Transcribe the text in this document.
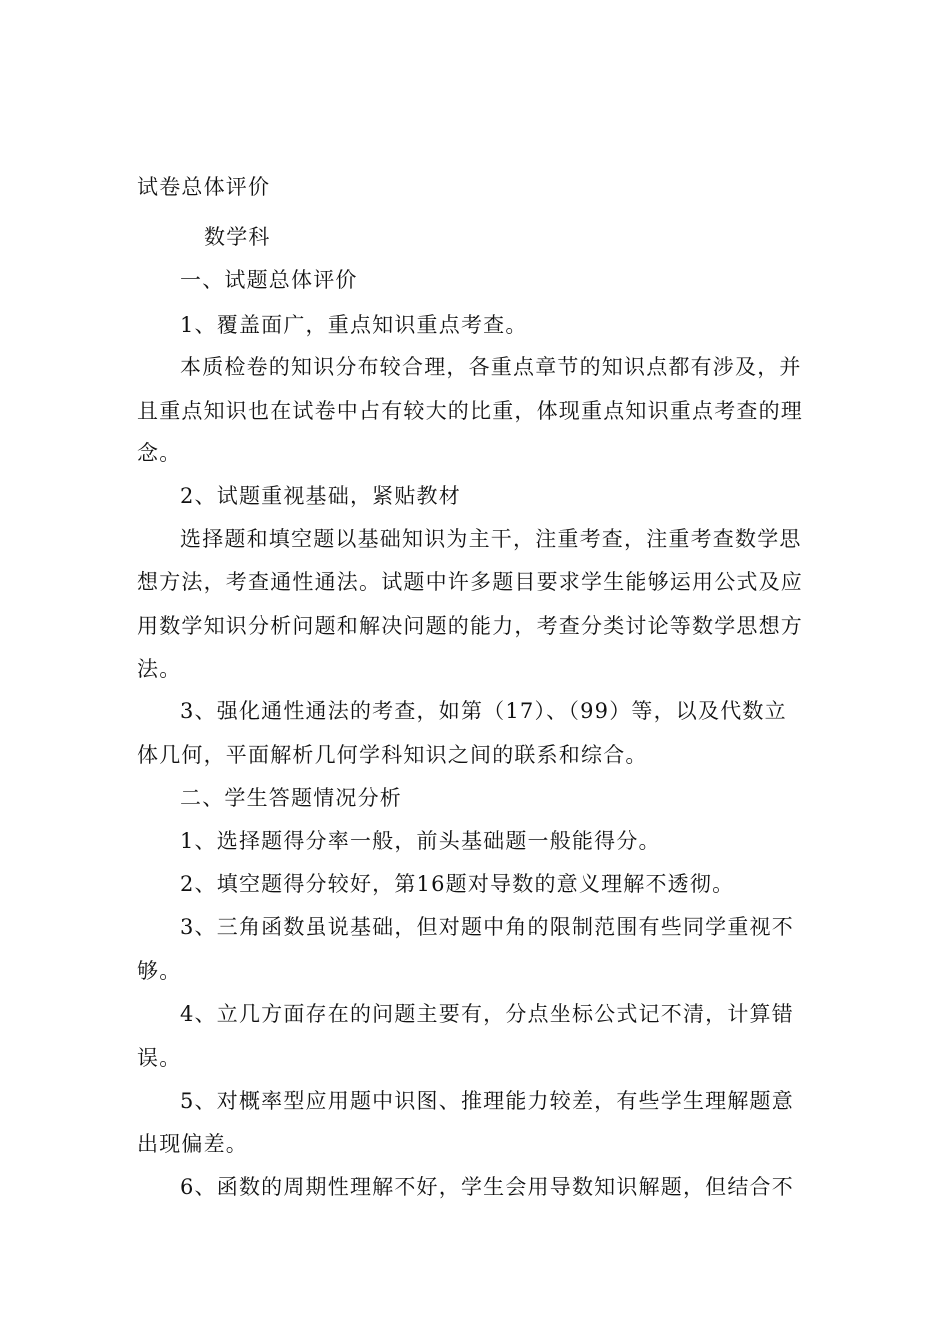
试卷总体评价
数学科
一、试题总体评价
1、覆盖面广，重点知识重点考查。
本质检卷的知识分布较合理，各重点章节的知识点都有涉及，并
且重点知识也在试卷中占有较大的比重，体现重点知识重点考查的理
念。
2、试题重视基础，紧贴教材
选择题和填空题以基础知识为主干，注重考查，注重考查数学思
想方法，考查通性通法。试题中许多题目要求学生能够运用公式及应
用数学知识分析问题和解决问题的能力，考查分类讨论等数学思想方
法。
3、强化通性通法的考查，如第（17）、（99）等，以及代数立
体几何，平面解析几何学科知识之间的联系和综合。
二、学生答题情况分析
1、选择题得分率一般，前头基础题一般能得分。
2、填空题得分较好，第16题对导数的意义理解不透彻。
3、三角函数虽说基础，但对题中角的限制范围有些同学重视不
够。
4、立几方面存在的问题主要有，分点坐标公式记不清，计算错
误。
5、对概率型应用题中识图、推理能力较差，有些学生理解题意
出现偏差。
6、函数的周期性理解不好，学生会用导数知识解题，但结合不
